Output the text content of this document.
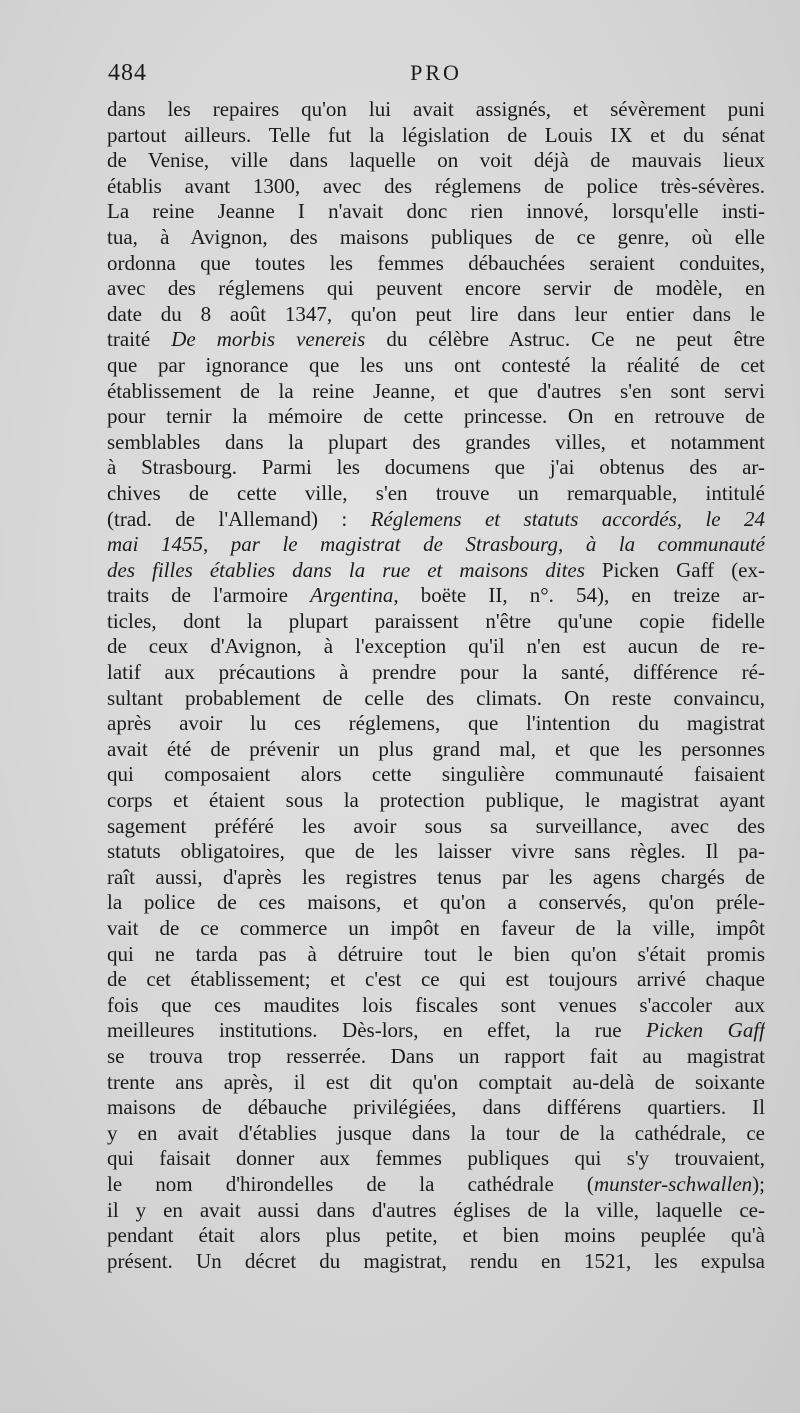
484	PRO
dans les repaires qu'on lui avait assignés, et sévèrement puni
partout ailleurs. Telle fut la législation de Louis IX et du sénat
de Venise, ville dans laquelle on voit déjà de mauvais lieux
établis avant 1300, avec des réglemens de police très-sévères.
La reine Jeanne I n'avait donc rien innové, lorsqu'elle insti-
tua, à Avignon, des maisons publiques de ce genre, où elle
ordonna que toutes les femmes débauchées seraient conduites,
avec des réglemens qui peuvent encore servir de modèle, en
date du 8 août 1347, qu'on peut lire dans leur entier dans le
traité De morbis venereis du célèbre Astruc. Ce ne peut être
que par ignorance que les uns ont contesté la réalité de cet
établissement de la reine Jeanne, et que d'autres s'en sont servi
pour ternir la mémoire de cette princesse. On en retrouve de
semblables dans la plupart des grandes villes, et notamment
à Strasbourg. Parmi les documens que j'ai obtenus des ar-
chives de cette ville, s'en trouve un remarquable, intitulé
(trad. de l'Allemand) : Réglemens et statuts accordés, le 24
mai 1455, par le magistrat de Strasbourg, à la communauté
des filles établies dans la rue et maisons dites Picken Gaff (ex-
traits de l'armoire Argentina, boëte II, n°. 54), en treize ar-
ticles, dont la plupart paraissent n'être qu'une copie fidelle
de ceux d'Avignon, à l'exception qu'il n'en est aucun de re-
latif aux précautions à prendre pour la santé, différence ré-
sultant probablement de celle des climats. On reste convaincu,
après avoir lu ces réglemens, que l'intention du magistrat
avait été de prévenir un plus grand mal, et que les personnes
qui composaient alors cette singulière communauté faisaient
corps et étaient sous la protection publique, le magistrat ayant
sagement préféré les avoir sous sa surveillance, avec des
statuts obligatoires, que de les laisser vivre sans règles. Il pa-
raît aussi, d'après les registres tenus par les agens chargés de
la police de ces maisons, et qu'on a conservés, qu'on préle-
vait de ce commerce un impôt en faveur de la ville, impôt
qui ne tarda pas à détruire tout le bien qu'on s'était promis
de cet établissement; et c'est ce qui est toujours arrivé chaque
fois que ces maudites lois fiscales sont venues s'accoler aux
meilleures institutions. Dès-lors, en effet, la rue Picken Gaff
se trouva trop resserrée. Dans un rapport fait au magistrat
trente ans après, il est dit qu'on comptait au-delà de soixante
maisons de débauche privilégiées, dans différens quartiers. Il
y en avait d'établies jusque dans la tour de la cathédrale, ce
qui faisait donner aux femmes publiques qui s'y trouvaient,
le nom d'hirondelles de la cathédrale (munster-schwallen);
il y en avait aussi dans d'autres églises de la ville, laquelle ce-
pendant était alors plus petite, et bien moins peuplée qu'à
présent. Un décret du magistrat, rendu en 1521, les expulsa
